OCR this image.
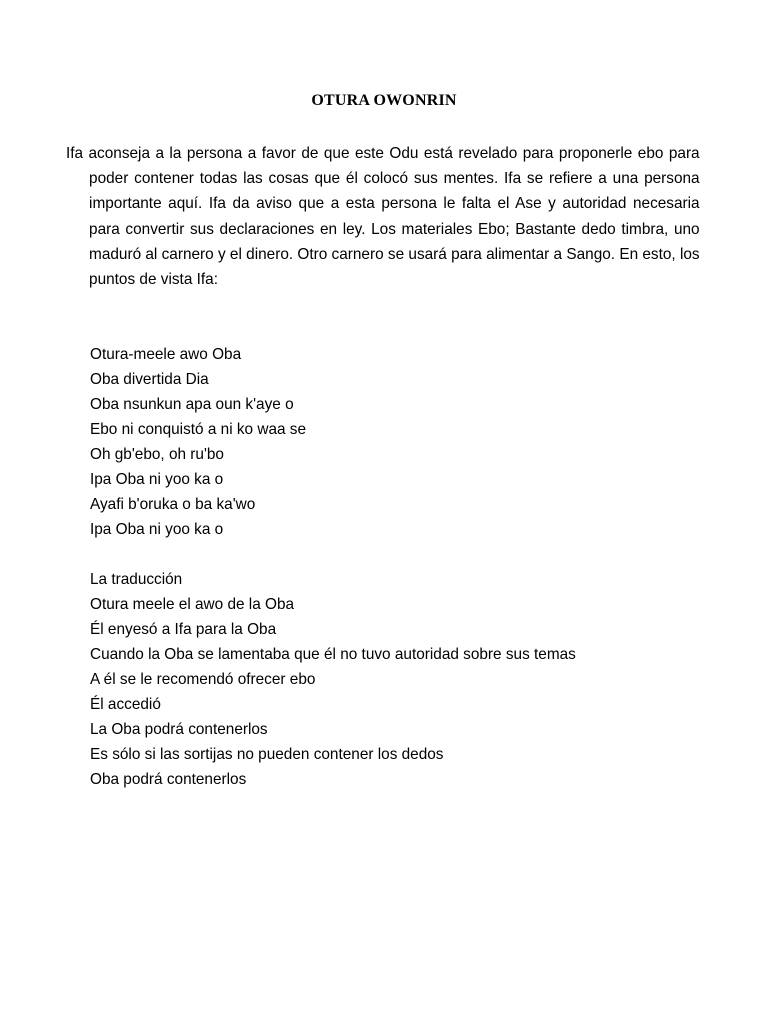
OTURA OWONRIN
Ifa aconseja a la persona a favor de que este Odu está revelado para proponerle ebo para poder contener todas las cosas que él colocó sus mentes. Ifa se refiere a una persona importante aquí. Ifa da aviso que a esta persona le falta el Ase y autoridad necesaria para convertir sus declaraciones en ley. Los materiales Ebo; Bastante dedo timbra, uno maduró al carnero y el dinero. Otro carnero se usará para alimentar a Sango. En esto, los puntos de vista Ifa:
Otura-meele awo Oba
Oba divertida Dia
Oba nsunkun apa oun k'aye o
Ebo ni conquistó a ni ko waa se
Oh gb'ebo, oh ru'bo
Ipa Oba ni yoo ka o
Ayafi b'oruka o ba ka'wo
Ipa Oba ni yoo ka o
La traducción
Otura meele el awo de la Oba
Él enyesó a Ifa para la Oba
Cuando la Oba se lamentaba que él no tuvo autoridad sobre sus temas
A él se le recomendó ofrecer ebo
Él accedió
La Oba podrá contenerlos
Es sólo si las sortijas no pueden contener los dedos
Oba podrá contenerlos
